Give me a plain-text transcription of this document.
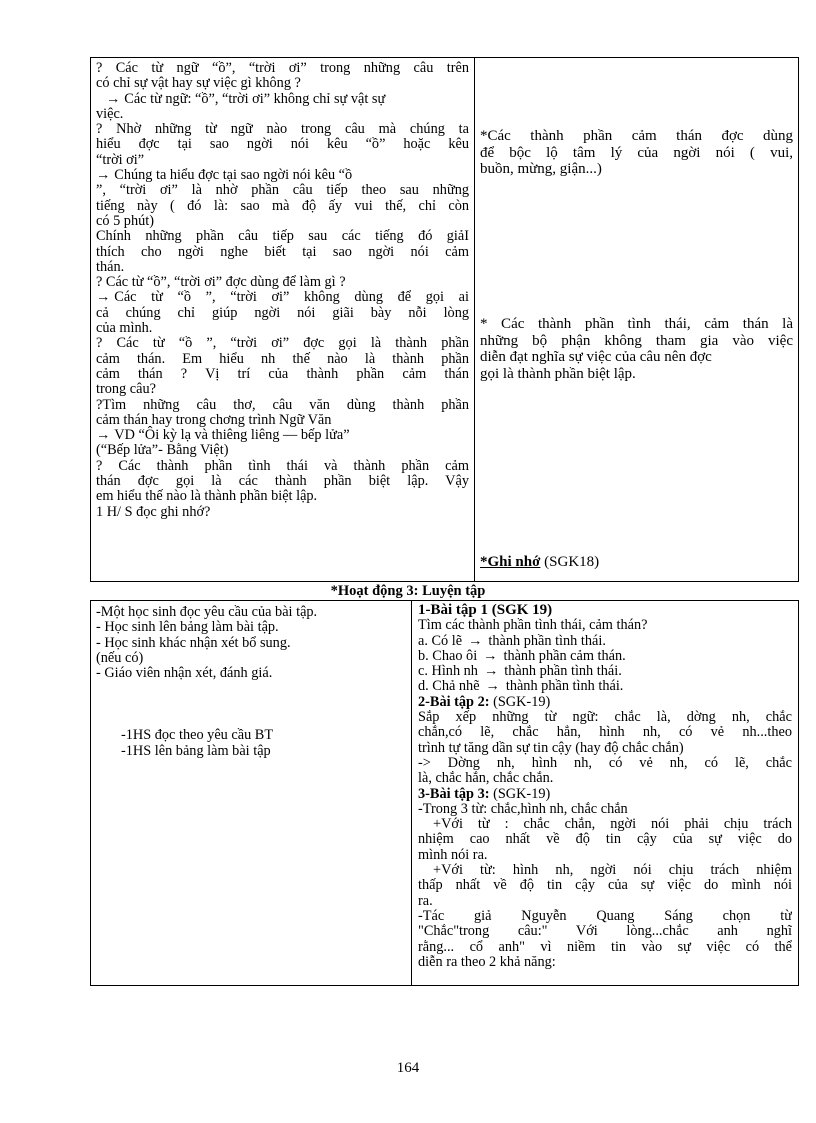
? Các từ ngữ “ồ”, “trời ơi” trong những câu trên

có chỉ sự vật hay sự việc gì không ?

→ Các từ ngữ: “ồ”, “trời ơi” không chỉ sự vật sự

việc.

? Nhờ những từ ngữ nào trong câu mà chúng ta

hiểu đợc tại sao ngời nói kêu “ồ” hoặc kêu

“trời ơi”

→ Chúng ta hiểu đợc tại sao ngời nói kêu “ồ

”, “trời ơi” là nhờ phần câu tiếp theo sau những

tiếng này ( đó là: sao mà độ ấy vui thế, chỉ còn

có 5 phút)

Chính những phần câu tiếp sau các tiếng đó giảI

thích cho ngời nghe biết tại sao ngời nói cảm

thán.

? Các từ “ồ”, “trời ơi” đợc dùng để làm gì ?

→ Các từ “ồ ”, “trời ơi” không dùng để gọi ai

cả chúng chỉ giúp ngời nói giãi bày nỗi lòng

của mình.

? Các từ “ồ ”, “trời ơi” đợc gọi là thành phần

cảm thán. Em hiểu nh thế nào là thành phần

cảm thán ? Vị trí của thành phần cảm thán

trong câu?

?Tìm những câu thơ, câu văn dùng thành phần

cảm thán hay trong chơng trình Ngữ Văn

→ VD “Ôi kỳ lạ và thiêng liêng — bếp lửa”

(“Bếp lửa”- Bằng Việt)

? Các thành phần tình thái và thành phần cảm

thán đợc gọi là các thành phần biệt lập. Vậy

em hiểu thế nào là thành phần biệt lập.

1 H/ S đọc ghi nhớ?

*Các thành phần cảm thán đợc dùng

để bộc lộ tâm lý của ngời nói ( vui,

buồn, mừng, giận...)

* Các thành phần tình thái, cảm thán là

những bộ phận không tham gia vào việc

diễn đạt nghĩa sự việc của câu nên đợc

gọi là thành phần biệt lập.

*Ghi nhớ (SGK18)
*Hoạt động 3: Luyện tập

-Một học sinh đọc yêu cầu của bài tập.

- Học sinh lên bảng làm bài tập.

- Học sinh khác nhận xét bổ sung.

(nếu có)

- Giáo viên nhận xét, đánh giá.

-1HS đọc theo yêu cầu BT

-1HS lên bảng làm bài tập

1-Bài tập 1 (SGK 19)

Tìm các thành phần tình thái, cảm thán?

a. Có lẽ → thành phần tình thái.

b. Chao ôi → thành phần cảm thán.

c. Hình nh → thành phần tình thái.

d. Chả nhẽ → thành phần tình thái.

2-Bài tập 2: (SGK-19)

Sắp xếp những từ ngữ: chắc là, dờng nh, chắc

chắn,có lẽ, chắc hẳn, hình nh, có vẻ nh...theo

trình tự tăng dần sự tin cậy (hay độ chắc chắn)

-> Dờng nh, hình nh, có vẻ nh, có lẽ, chắc

là, chắc hắn, chắc chắn.

3-Bài tập 3: (SGK-19)

-Trong 3 từ: chắc,hình nh, chắc chắn

+Với từ : chắc chắn, ngời nói phải chịu trách

nhiệm cao nhất về độ tin cậy của sự việc do

mình nói ra.

+Với từ: hình nh, ngời nói chịu trách nhiệm

thấp nhất về độ tin cậy của sự việc do mình nói

ra.

-Tác giả Nguyễn Quang Sáng chọn từ

"Chắc"trong câu:" Với lòng...chắc anh nghĩ

rằng... cổ anh" vì niềm tin vào sự việc có thể

diễn ra theo 2 khả năng:

164
